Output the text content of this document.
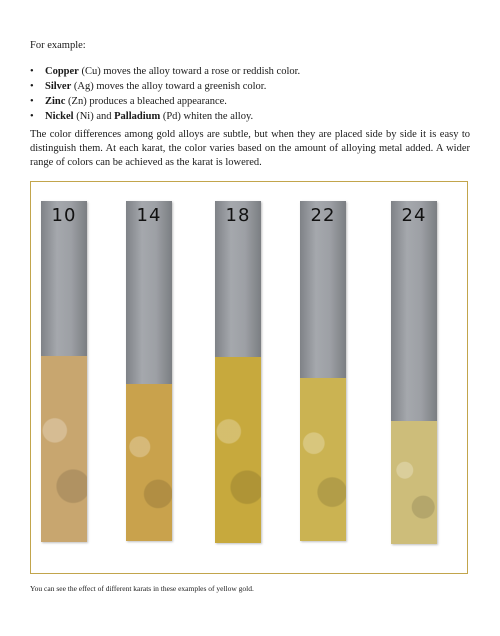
For example:
• Copper (Cu) moves the alloy toward a rose or reddish color.
• Silver (Ag) moves the alloy toward a greenish color.
• Zinc (Zn) produces a bleached appearance.
• Nickel (Ni) and Palladium (Pd) whiten the alloy.

The color differences among gold alloys are subtle, but when they are placed side by side it is easy to distinguish them. At each karat, the color varies based on the amount of alloying metal added. A wider range of colors can be achieved as the karat is lowered.

10	14	18	22	24
You can see the effect of different karats in these examples of yellow gold.
